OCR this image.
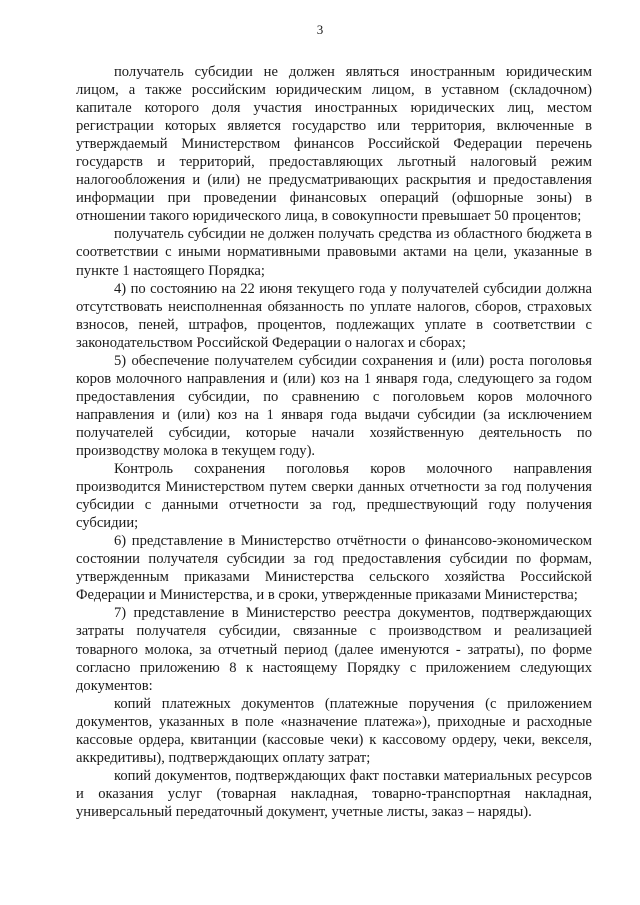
3

получатель субсидии не должен являться иностранным юридическим лицом, а также российским юридическим лицом, в уставном (складочном) капитале которого доля участия иностранных юридических лиц, местом регистрации которых является государство или территория, включенные в утверждаемый Министерством финансов Российской Федерации перечень государств и территорий, предоставляющих льготный налоговый режим налогообложения и (или) не предусматривающих раскрытия и предоставления информации при проведении финансовых операций (офшорные зоны) в отношении такого юридического лица, в совокупности превышает 50 процентов;

получатель субсидии не должен получать средства из областного бюджета в соответствии с иными нормативными правовыми актами на цели, указанные в пункте 1 настоящего Порядка;

4) по состоянию на 22 июня текущего года у получателей субсидии должна отсутствовать неисполненная обязанность по уплате налогов, сборов, страховых взносов, пеней, штрафов, процентов, подлежащих уплате в соответствии с законодательством Российской Федерации о налогах и сборах;

5) обеспечение получателем субсидии сохранения и (или) роста поголовья коров молочного направления и (или) коз на 1 января года, следующего за годом предоставления субсидии, по сравнению с поголовьем коров молочного направления и (или) коз на 1 января года выдачи субсидии (за исключением получателей субсидии, которые начали хозяйственную деятельность по производству молока в текущем году).

Контроль сохранения поголовья коров молочного направления производится Министерством путем сверки данных отчетности за год получения субсидии с данными отчетности за год, предшествующий году получения субсидии;

6) представление в Министерство отчётности о финансово-экономическом состоянии получателя субсидии за год предоставления субсидии по формам, утвержденным приказами Министерства сельского хозяйства Российской Федерации и Министерства, и в сроки, утвержденные приказами Министерства;

7) представление в Министерство реестра документов, подтверждающих затраты получателя субсидии, связанные с производством и реализацией товарного молока, за отчетный период (далее именуются - затраты), по форме согласно приложению 8 к настоящему Порядку с приложением следующих документов:

копий платежных документов (платежные поручения (с приложением документов, указанных в поле «назначение платежа»), приходные и расходные кассовые ордера, квитанции (кассовые чеки) к кассовому ордеру, чеки, векселя, аккредитивы), подтверждающих оплату затрат;

копий документов, подтверждающих факт поставки материальных ресурсов и оказания услуг (товарная накладная, товарно-транспортная накладная, универсальный передаточный документ, учетные листы, заказ – наряды).
